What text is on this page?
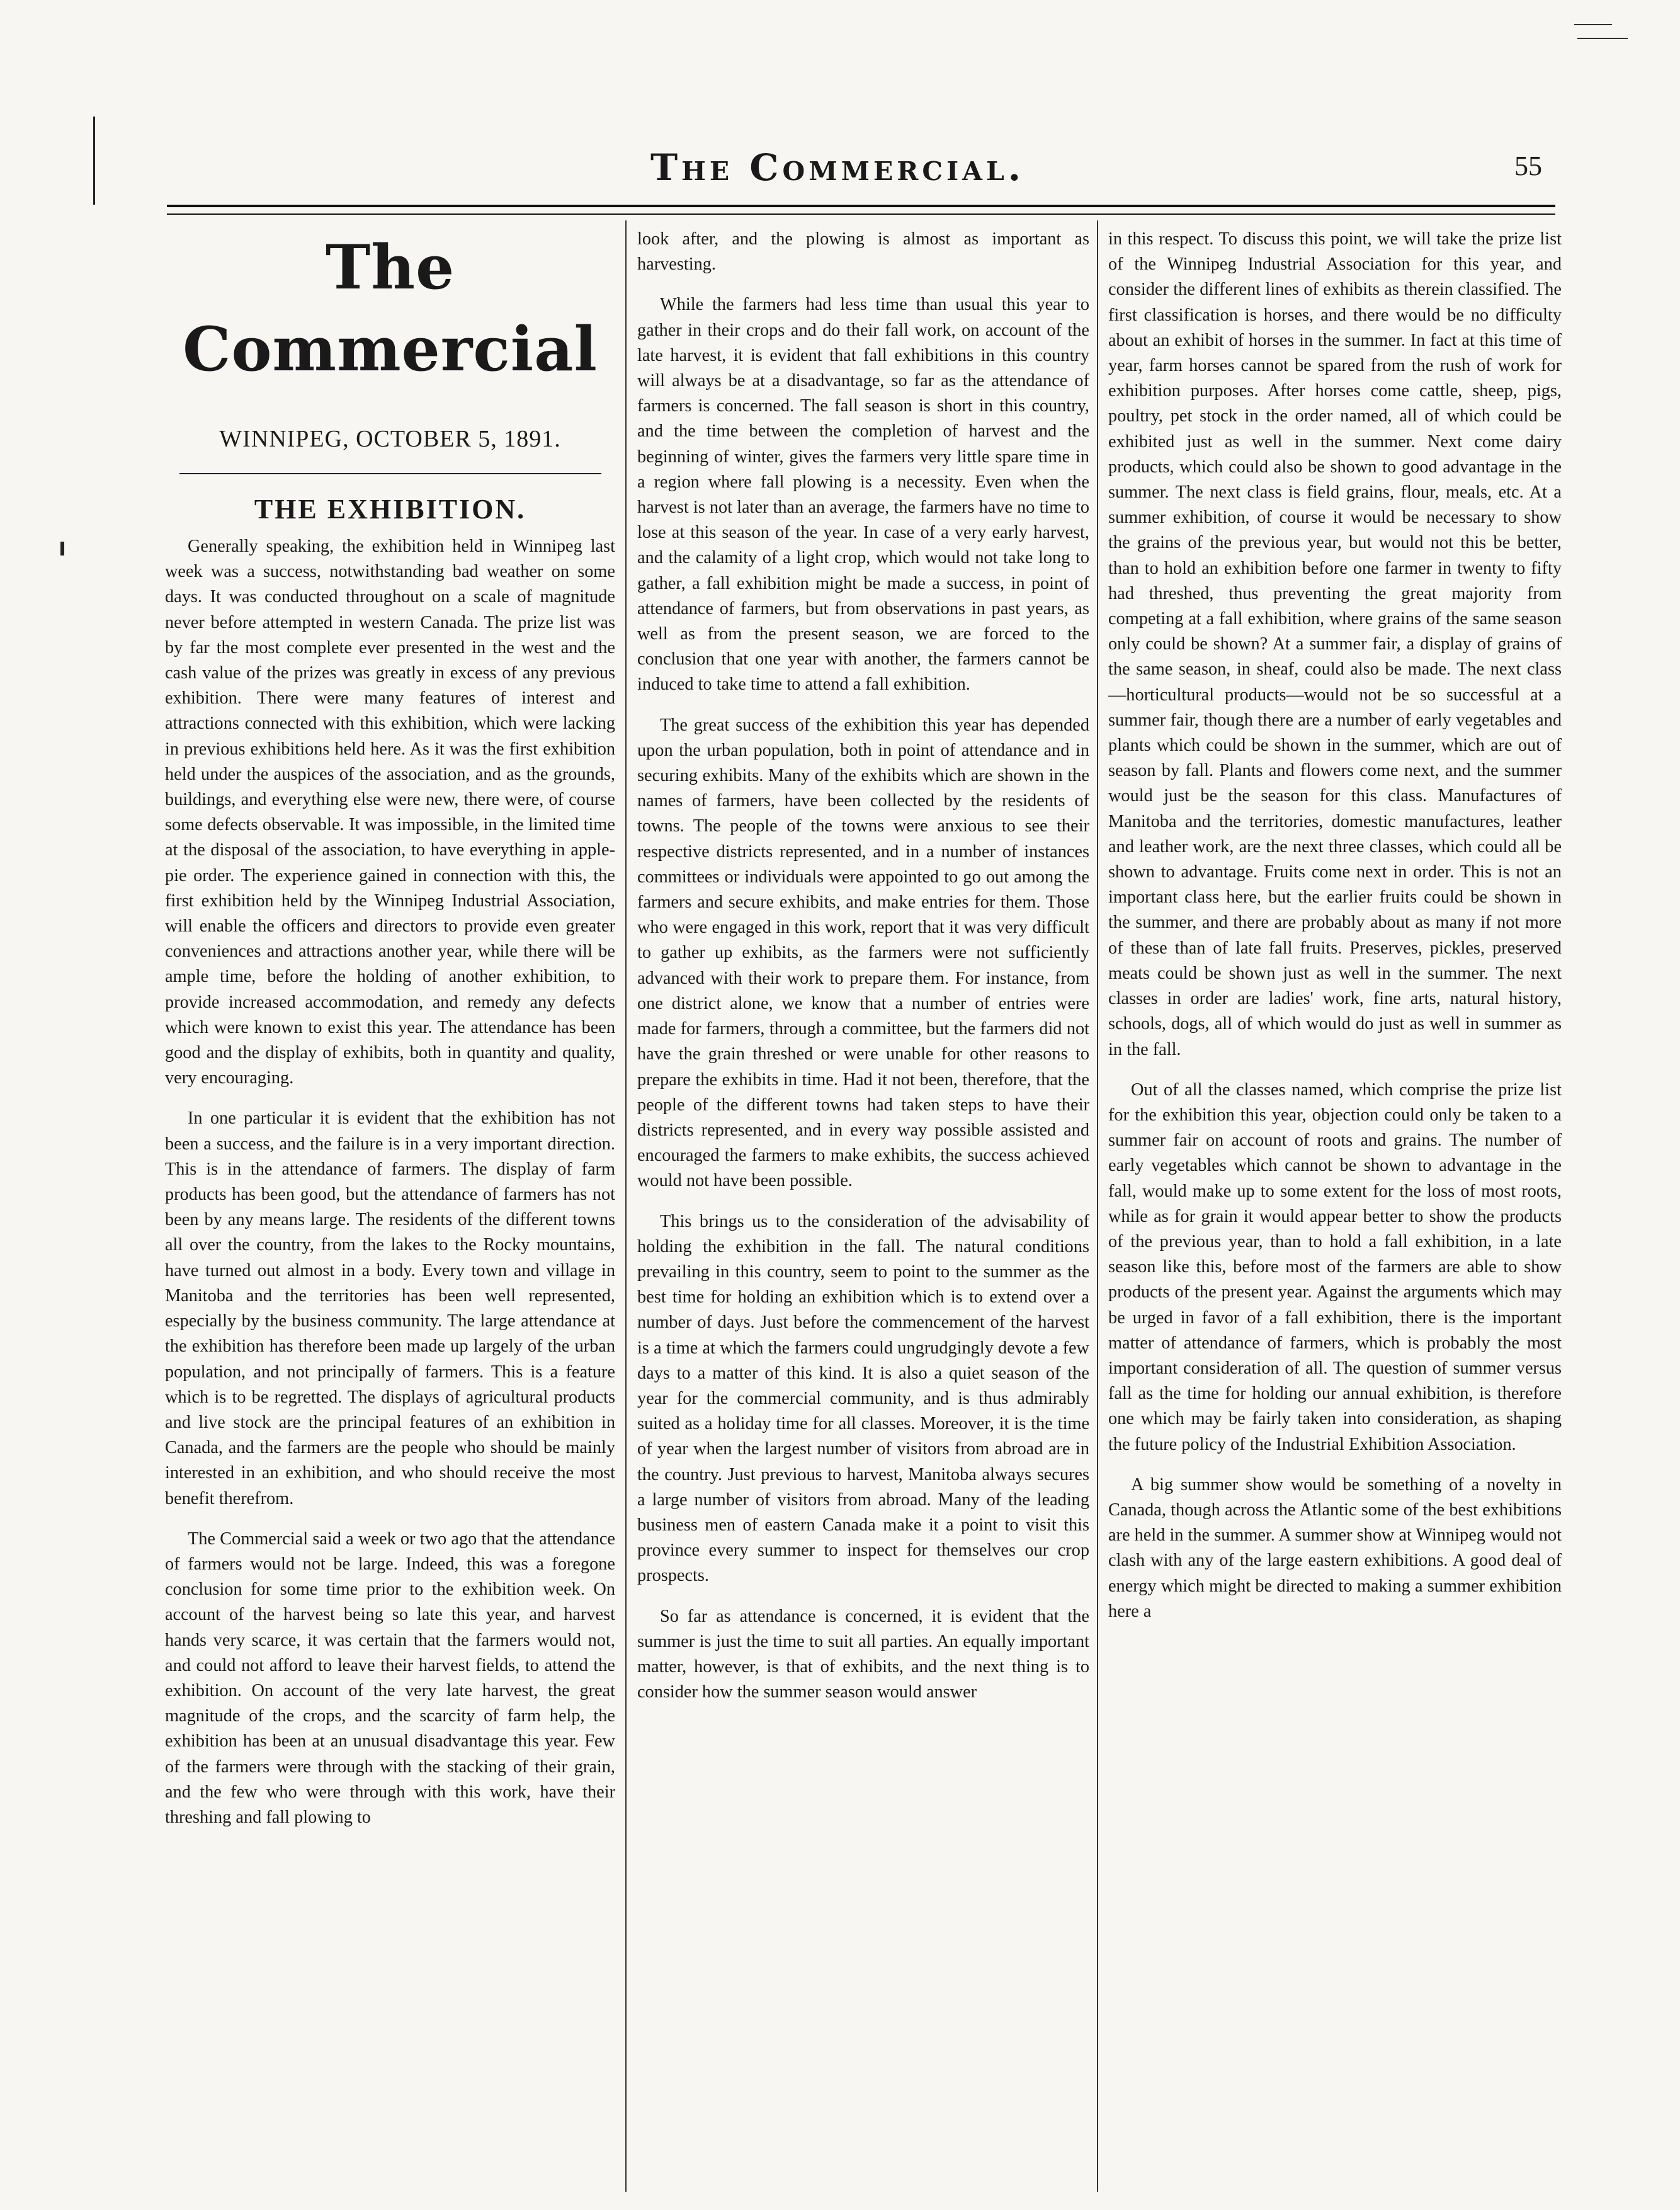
The Commercial.	55
The Commercial
WINNIPEG, OCTOBER 5, 1891.
THE EXHIBITION.

Generally speaking, the exhibition held in Winnipeg last week was a success, notwithstanding bad weather on some days. It was conducted throughout on a scale of magnitude never before attempted in western Canada. The prize list was by far the most complete ever presented in the west and the cash value of the prizes was greatly in excess of any previous exhibition. There were many features of interest and attractions connected with this exhibition, which were lacking in previous exhibitions held here. As it was the first exhibition held under the auspices of the association, and as the grounds, buildings, and everything else were new, there were, of course some defects observable. It was impossible, in the limited time at the disposal of the association, to have everything in apple-pie order. The experience gained in connection with this, the first exhibition held by the Winnipeg Industrial Association, will enable the officers and directors to provide even greater conveniences and attractions another year, while there will be ample time, before the holding of another exhibition, to provide increased accommodation, and remedy any defects which were known to exist this year. The attendance has been good and the display of exhibits, both in quantity and quality, very encouraging.

In one particular it is evident that the exhibition has not been a success, and the failure is in a very important direction. This is in the attendance of farmers. The display of farm products has been good, but the attendance of farmers has not been by any means large. The residents of the different towns all over the country, from the lakes to the Rocky mountains, have turned out almost in a body. Every town and village in Manitoba and the territories has been well represented, especially by the business community. The large attendance at the exhibition has therefore been made up largely of the urban population, and not principally of farmers. This is a feature which is to be regretted. The displays of agricultural products and live stock are the principal features of an exhibition in Canada, and the farmers are the people who should be mainly interested in an exhibition, and who should receive the most benefit therefrom.

The Commercial said a week or two ago that the attendance of farmers would not be large. Indeed, this was a foregone conclusion for some time prior to the exhibition week. On account of the harvest being so late this year, and harvest hands very scarce, it was certain that the farmers would not, and could not afford to leave their harvest fields, to attend the exhibition. On account of the very late harvest, the great magnitude of the crops, and the scarcity of farm help, the exhibition has been at an unusual disadvantage this year. Few of the farmers were through with the stacking of their grain, and the few who were through with this work, have their threshing and fall plowing to

look after, and the plowing is almost as important as harvesting.

While the farmers had less time than usual this year to gather in their crops and do their fall work, on account of the late harvest, it is evident that fall exhibitions in this country will always be at a disadvantage, so far as the attendance of farmers is concerned. The fall season is short in this country, and the time between the completion of harvest and the beginning of winter, gives the farmers very little spare time in a region where fall plowing is a necessity. Even when the harvest is not later than an average, the farmers have no time to lose at this season of the year. In case of a very early harvest, and the calamity of a light crop, which would not take long to gather, a fall exhibition might be made a success, in point of attendance of farmers, but from observations in past years, as well as from the present season, we are forced to the conclusion that one year with another, the farmers cannot be induced to take time to attend a fall exhibition.

The great success of the exhibition this year has depended upon the urban population, both in point of attendance and in securing exhibits. Many of the exhibits which are shown in the names of farmers, have been collected by the residents of towns. The people of the towns were anxious to see their respective districts represented, and in a number of instances committees or individuals were appointed to go out among the farmers and secure exhibits, and make entries for them. Those who were engaged in this work, report that it was very difficult to gather up exhibits, as the farmers were not sufficiently advanced with their work to prepare them. For instance, from one district alone, we know that a number of entries were made for farmers, through a committee, but the farmers did not have the grain threshed or were unable for other reasons to prepare the exhibits in time. Had it not been, therefore, that the people of the different towns had taken steps to have their districts represented, and in every way possible assisted and encouraged the farmers to make exhibits, the success achieved would not have been possible.

This brings us to the consideration of the advisability of holding the exhibition in the fall. The natural conditions prevailing in this country, seem to point to the summer as the best time for holding an exhibition which is to extend over a number of days. Just before the commencement of the harvest is a time at which the farmers could ungrudgingly devote a few days to a matter of this kind. It is also a quiet season of the year for the commercial community, and is thus admirably suited as a holiday time for all classes. Moreover, it is the time of year when the largest number of visitors from abroad are in the country. Just previous to harvest, Manitoba always secures a large number of visitors from abroad. Many of the leading business men of eastern Canada make it a point to visit this province every summer to inspect for themselves our crop prospects.

So far as attendance is concerned, it is evident that the summer is just the time to suit all parties. An equally important matter, however, is that of exhibits, and the next thing is to consider how the summer season would answer

in this respect. To discuss this point, we will take the prize list of the Winnipeg Industrial Association for this year, and consider the different lines of exhibits as therein classified. The first classification is horses, and there would be no difficulty about an exhibit of horses in the summer. In fact at this time of year, farm horses cannot be spared from the rush of work for exhibition purposes. After horses come cattle, sheep, pigs, poultry, pet stock in the order named, all of which could be exhibited just as well in the summer. Next come dairy products, which could also be shown to good advantage in the summer. The next class is field grains, flour, meals, etc. At a summer exhibition, of course it would be necessary to show the grains of the previous year, but would not this be better, than to hold an exhibition before one farmer in twenty to fifty had threshed, thus preventing the great majority from competing at a fall exhibition, where grains of the same season only could be shown? At a summer fair, a display of grains of the same season, in sheaf, could also be made. The next class—horticultural products—would not be so successful at a summer fair, though there are a number of early vegetables and plants which could be shown in the summer, which are out of season by fall. Plants and flowers come next, and the summer would just be the season for this class. Manufactures of Manitoba and the territories, domestic manufactures, leather and leather work, are the next three classes, which could all be shown to advantage. Fruits come next in order. This is not an important class here, but the earlier fruits could be shown in the summer, and there are probably about as many if not more of these than of late fall fruits. Preserves, pickles, preserved meats could be shown just as well in the summer. The next classes in order are ladies' work, fine arts, natural history, schools, dogs, all of which would do just as well in summer as in the fall.

Out of all the classes named, which comprise the prize list for the exhibition this year, objection could only be taken to a summer fair on account of roots and grains. The number of early vegetables which cannot be shown to advantage in the fall, would make up to some extent for the loss of most roots, while as for grain it would appear better to show the products of the previous year, than to hold a fall exhibition, in a late season like this, before most of the farmers are able to show products of the present year. Against the arguments which may be urged in favor of a fall exhibition, there is the important matter of attendance of farmers, which is probably the most important consideration of all. The question of summer versus fall as the time for holding our annual exhibition, is therefore one which may be fairly taken into consideration, as shaping the future policy of the Industrial Exhibition Association.

A big summer show would be something of a novelty in Canada, though across the Atlantic some of the best exhibitions are held in the summer. A summer show at Winnipeg would not clash with any of the large eastern exhibitions. A good deal of energy which might be directed to making a summer exhibition here a
